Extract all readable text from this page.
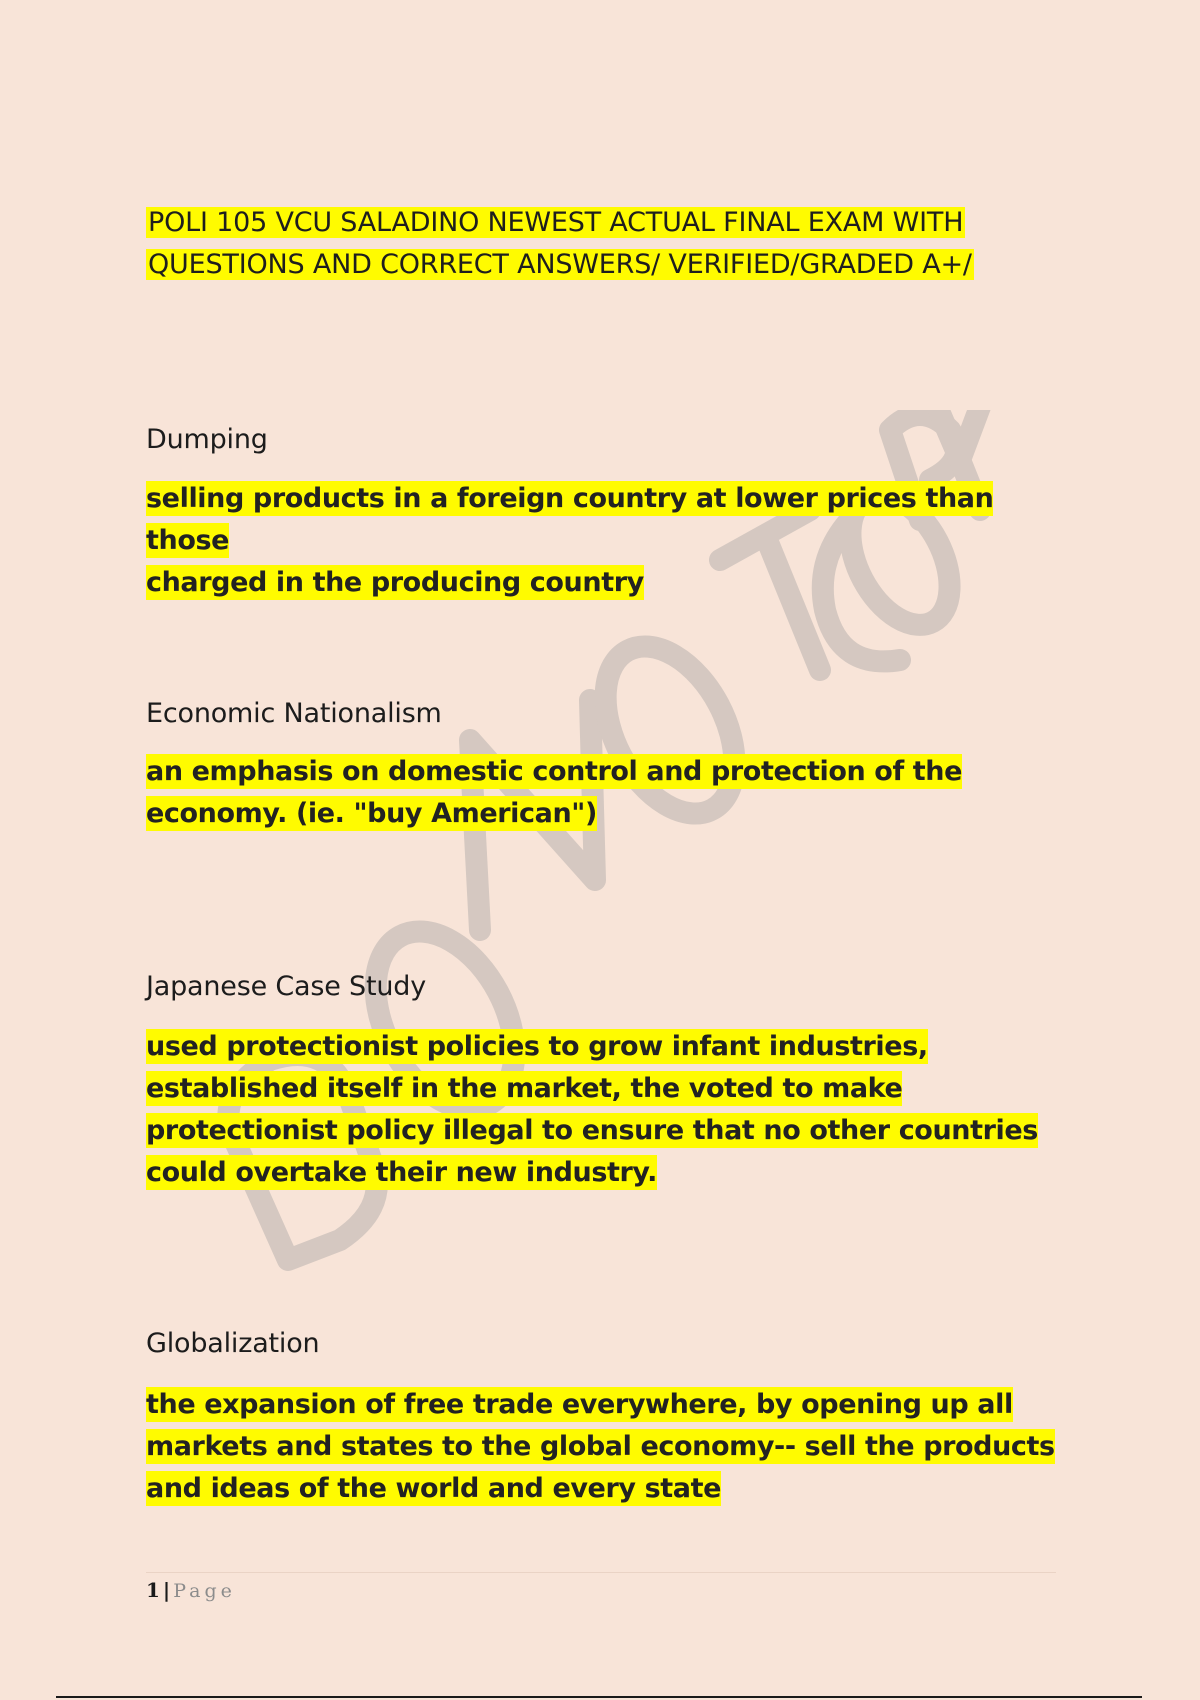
POLI 105 VCU SALADINO NEWEST ACTUAL FINAL EXAM WITH
QUESTIONS AND CORRECT ANSWERS/ VERIFIED/GRADED A+/
Dumping
selling products in a foreign country at lower prices than those
charged in the producing country
Economic Nationalism
an emphasis on domestic control and protection of the
economy. (ie. "buy American")
Japanese Case Study
used protectionist policies to grow infant industries,
established itself in the market, the voted to make
protectionist policy illegal to ensure that no other countries
could overtake their new industry.
Globalization
the expansion of free trade everywhere, by opening up all
markets and states to the global economy-- sell the products
and ideas of the world and every state
1 | Page
